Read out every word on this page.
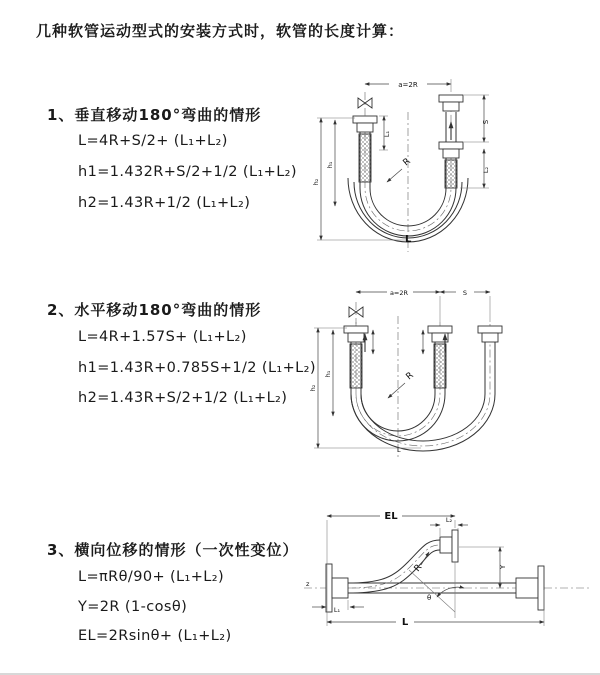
几种软管运动型式的安装方式时，软管的长度计算：
1、垂直移动180°弯曲的情形
L=4R+S/2+ (L₁+L₂)
h1=1.432R+S/2+1/2 (L₁+L₂)
h2=1.43R+1/2 (L₁+L₂)
2、水平移动180°弯曲的情形
L=4R+1.57S+ (L₁+L₂)
h1=1.43R+0.785S+1/2 (L₁+L₂)
h2=1.43R+S/2+1/2 (L₁+L₂)
3、横向位移的情形（一次性变位）
L=πRθ/90+ (L₁+L₂)
Y=2R (1-cosθ)
EL=2Rsinθ+ (L₁+L₂)
a=2R
S
L₂
L₁
h₁
h₂
R
L
a=2R	S
h₁
h₂
R
L
z
θ
EL	L₂
Y
L
L₁
R
